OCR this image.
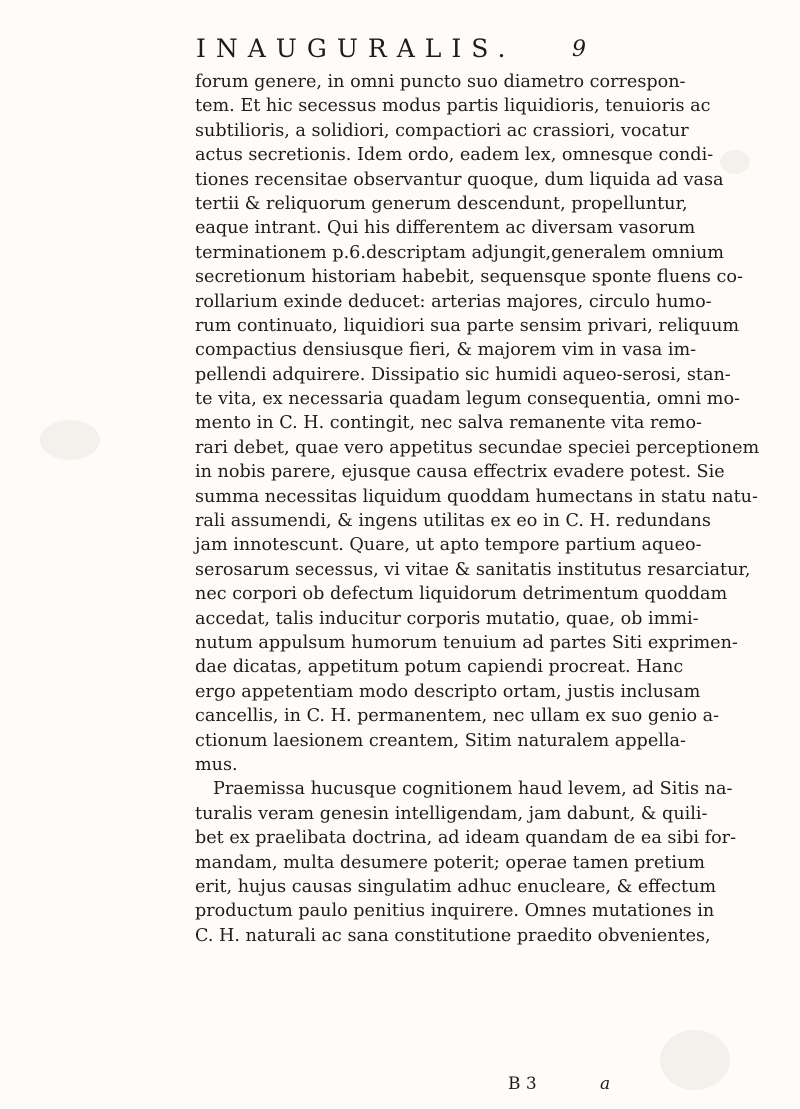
INAUGURALIS.	9
forum genere, in omni puncto suo diametro correspon-
tem. Et hic secessus modus partis liquidioris, tenuioris ac
subtilioris, a solidiori, compactiori ac crassiori, vocatur
actus secretionis. Idem ordo, eadem lex, omnesque condi-
tiones recensitae observantur quoque, dum liquida ad vasa
tertii & reliquorum generum descendunt, propelluntur,
eaque intrant. Qui his differentem ac diversam vasorum
terminationem p.6.descriptam adjungit,generalem omnium
secretionum historiam habebit, sequensque sponte fluens co-
rollarium exinde deducet: arterias majores, circulo humo-
rum continuato, liquidiori sua parte sensim privari, reliquum
compactius densiusque fieri, & majorem vim in vasa im-
pellendi adquirere. Dissipatio sic humidi aqueo-serosi, stan-
te vita, ex necessaria quadam legum consequentia, omni mo-
mento in C. H. contingit, nec salva remanente vita remo-
rari debet, quae vero appetitus secundae speciei perceptionem
in nobis parere, ejusque causa effectrix evadere potest. Sie
summa necessitas liquidum quoddam humectans in statu natu-
rali assumendi, & ingens utilitas ex eo in C. H. redundans
jam innotescunt. Quare, ut apto tempore partium aqueo-
serosarum secessus, vi vitae & sanitatis institutus resarciatur,
nec corpori ob defectum liquidorum detrimentum quoddam
accedat, talis inducitur corporis mutatio, quae, ob immi-
nutum appulsum humorum tenuium ad partes Siti exprimen-
dae dicatas, appetitum potum capiendi procreat. Hanc
ergo appetentiam modo descripto ortam, justis inclusam
cancellis, in C. H. permanentem, nec ullam ex suo genio a-
ctionum laesionem creantem, Sitim naturalem appella-
mus.
Praemissa hucusque cognitionem haud levem, ad Sitis na-
turalis veram genesin intelligendam, jam dabunt, & quili-
bet ex praelibata doctrina, ad ideam quandam de ea sibi for-
mandam, multa desumere poterit; operae tamen pretium
erit, hujus causas singulatim adhuc enucleare, & effectum
productum paulo penitius inquirere. Omnes mutationes in
C. H. naturali ac sana constitutione praedito obvenientes,
B 3	a
